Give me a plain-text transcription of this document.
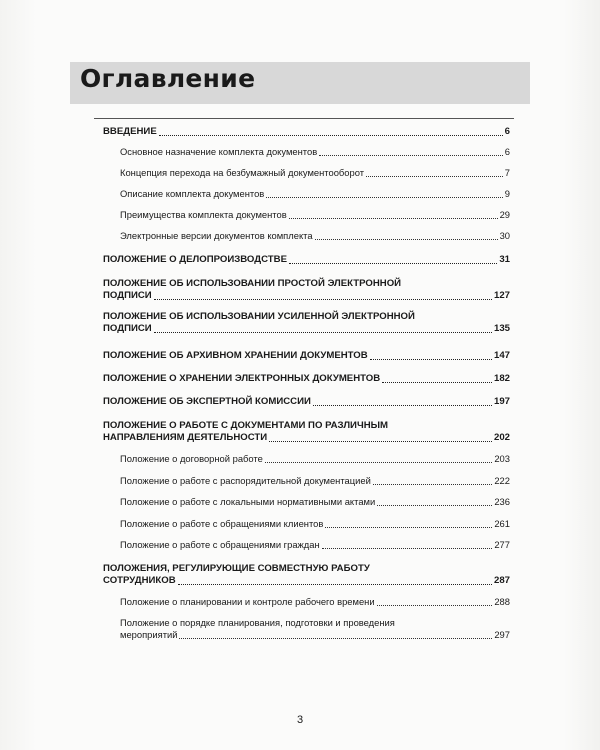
Оглавление
ВВЕДЕНИЕ	6
Основное назначение комплекта документов	6
Концепция перехода на безбумажный документооборот	7
Описание комплекта документов	9
Преимущества комплекта документов	29
Электронные версии документов комплекта	30
ПОЛОЖЕНИЕ О ДЕЛОПРОИЗВОДСТВЕ	31
ПОЛОЖЕНИЕ ОБ ИСПОЛЬЗОВАНИИ ПРОСТОЙ ЭЛЕКТРОННОЙ
ПОДПИСИ	127
ПОЛОЖЕНИЕ ОБ ИСПОЛЬЗОВАНИИ УСИЛЕННОЙ ЭЛЕКТРОННОЙ
ПОДПИСИ	135
ПОЛОЖЕНИЕ ОБ АРХИВНОМ ХРАНЕНИИ ДОКУМЕНТОВ	147
ПОЛОЖЕНИЕ О ХРАНЕНИИ ЭЛЕКТРОННЫХ ДОКУМЕНТОВ	182
ПОЛОЖЕНИЕ ОБ ЭКСПЕРТНОЙ КОМИССИИ	197
ПОЛОЖЕНИЕ О РАБОТЕ С ДОКУМЕНТАМИ ПО РАЗЛИЧНЫМ
НАПРАВЛЕНИЯМ ДЕЯТЕЛЬНОСТИ	202
Положение о договорной работе	203
Положение о работе с распорядительной документацией	222
Положение о работе с локальными нормативными актами	236
Положение о работе с обращениями клиентов	261
Положение о работе с обращениями граждан	277
ПОЛОЖЕНИЯ, РЕГУЛИРУЮЩИЕ СОВМЕСТНУЮ РАБОТУ
СОТРУДНИКОВ	287
Положение о планировании и контроле рабочего времени	288
Положение о порядке планирования, подготовки и проведения
мероприятий	297
3
